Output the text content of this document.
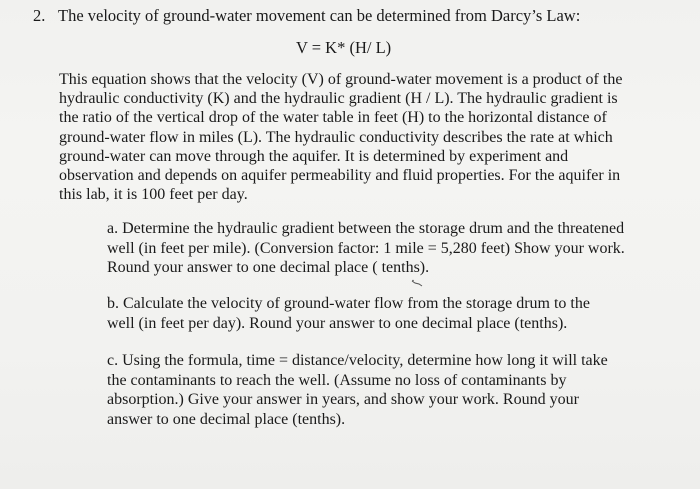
2. The velocity of ground-water movement can be determined from Darcy’s Law:
V = K* (H/ L)
This equation shows that the velocity (V) of ground-water movement is a product of the
hydraulic conductivity (K) and the hydraulic gradient (H / L). The hydraulic gradient is
the ratio of the vertical drop of the water table in feet (H) to the horizontal distance of
ground-water flow in miles (L). The hydraulic conductivity describes the rate at which
ground-water can move through the aquifer. It is determined by experiment and
observation and depends on aquifer permeability and fluid properties. For the aquifer in
this lab, it is 100 feet per day.
a. Determine the hydraulic gradient between the storage drum and the threatened
well (in feet per mile). (Conversion factor: 1 mile = 5,280 feet) Show your work.
Round your answer to one decimal place ( tenths).
b. Calculate the velocity of ground-water flow from the storage drum to the
well (in feet per day). Round your answer to one decimal place (tenths).
c. Using the formula, time = distance/velocity, determine how long it will take
the contaminants to reach the well. (Assume no loss of contaminants by
absorption.) Give your answer in years, and show your work. Round your
answer to one decimal place (tenths).
